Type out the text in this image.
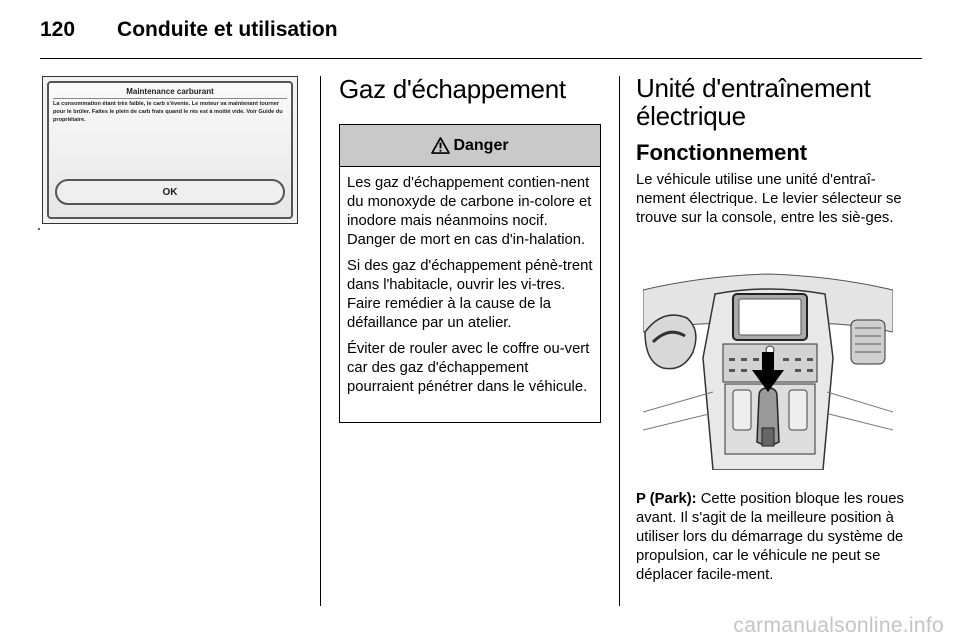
120 Conduite et utilisation
Maintenance carburant
La consommation étant très faible, le carb s'évente. Le moteur va maintenant tourner pour le brûler. Faites le plein de carb frais quand le rés est à moitié vide. Voir Guide du propriétaire.
OK
Gaz d'échappement
Danger

Les gaz d'échappement contien-nent du monoxyde de carbone in-colore et inodore mais néanmoins nocif. Danger de mort en cas d'in-halation.

Si des gaz d'échappement pénè-trent dans l'habitacle, ouvrir les vi-tres. Faire remédier à la cause de la défaillance par un atelier.

Éviter de rouler avec le coffre ou-vert car des gaz d'échappement pourraient pénétrer dans le véhicule.

Unité d'entraînement
électrique
Fonctionnement
Le véhicule utilise une unité d'entraî-nement électrique. Le levier sélecteur se trouve sur la console, entre les siè-ges.
P (Park): Cette position bloque les roues avant. Il s'agit de la meilleure position à utiliser lors du démarrage du système de propulsion, car le véhicule ne peut se déplacer facile-ment.
carmanualsonline.info
